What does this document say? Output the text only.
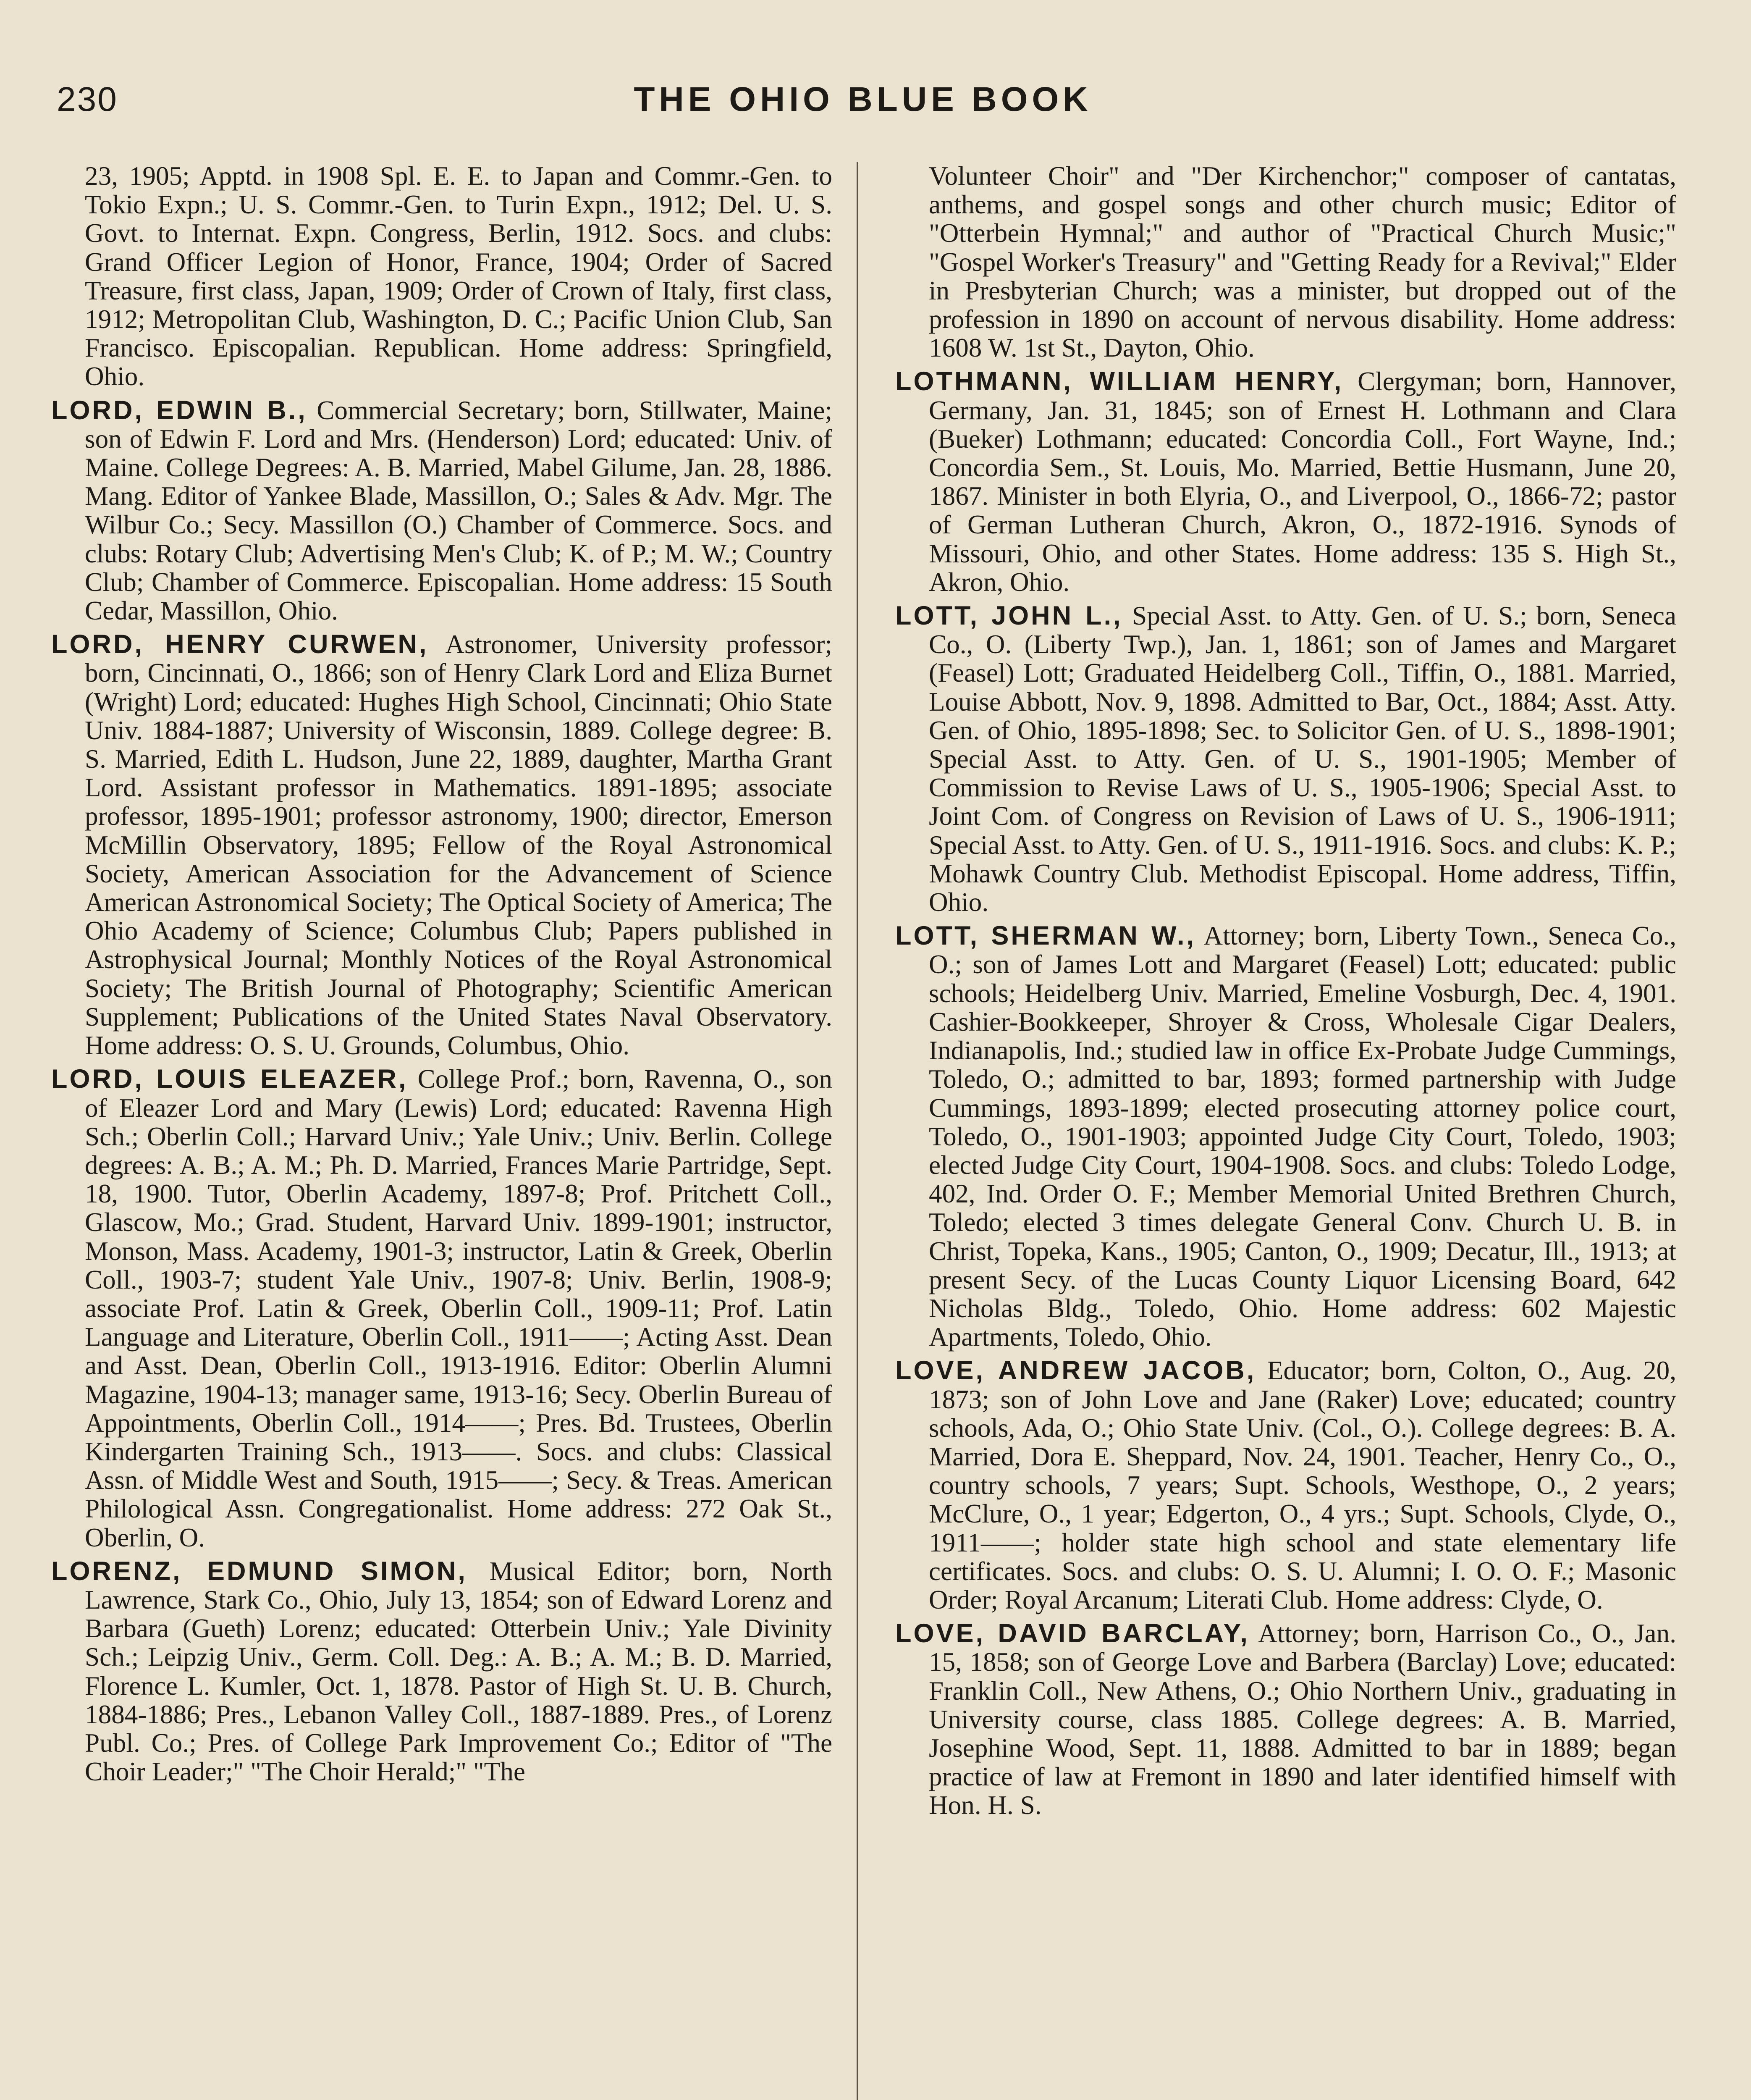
230	THE OHIO BLUE BOOK

23, 1905; Apptd. in 1908 Spl. E. E. to Japan and Commr.-Gen. to Tokio Expn.; U. S. Commr.-Gen. to Turin Expn., 1912; Del. U. S. Govt. to Internat. Expn. Congress, Berlin, 1912. Socs. and clubs: Grand Officer Legion of Honor, France, 1904; Order of Sacred Treasure, first class, Japan, 1909; Order of Crown of Italy, first class, 1912; Metropolitan Club, Washington, D. C.; Pacific Union Club, San Francisco. Episcopalian. Republican. Home address: Springfield, Ohio.

LORD, EDWIN B., Commercial Secretary; born, Stillwater, Maine; son of Edwin F. Lord and Mrs. (Henderson) Lord; educated: Univ. of Maine. College Degrees: A. B. Married, Mabel Gilume, Jan. 28, 1886. Mang. Editor of Yankee Blade, Massillon, O.; Sales & Adv. Mgr. The Wilbur Co.; Secy. Massillon (O.) Chamber of Commerce. Socs. and clubs: Rotary Club; Advertising Men's Club; K. of P.; M. W.; Country Club; Chamber of Commerce. Episcopalian. Home address: 15 South Cedar, Massillon, Ohio.

LORD, HENRY CURWEN, Astronomer, University professor; born, Cincinnati, O., 1866; son of Henry Clark Lord and Eliza Burnet (Wright) Lord; educated: Hughes High School, Cincinnati; Ohio State Univ. 1884-1887; University of Wisconsin, 1889. College degree: B. S. Married, Edith L. Hudson, June 22, 1889, daughter, Martha Grant Lord. Assistant professor in Mathematics. 1891-1895; associate professor, 1895-1901; professor astronomy, 1900; director, Emerson McMillin Observatory, 1895; Fellow of the Royal Astronomical Society, American Association for the Advancement of Science American Astronomical Society; The Optical Society of America; The Ohio Academy of Science; Columbus Club; Papers published in Astrophysical Journal; Monthly Notices of the Royal Astronomical Society; The British Journal of Photography; Scientific American Supplement; Publications of the United States Naval Observatory. Home address: O. S. U. Grounds, Columbus, Ohio.

LORD, LOUIS ELEAZER, College Prof.; born, Ravenna, O., son of Eleazer Lord and Mary (Lewis) Lord; educated: Ravenna High Sch.; Oberlin Coll.; Harvard Univ.; Yale Univ.; Univ. Berlin. College degrees: A. B.; A. M.; Ph. D. Married, Frances Marie Partridge, Sept. 18, 1900. Tutor, Oberlin Academy, 1897-8; Prof. Pritchett Coll., Glascow, Mo.; Grad. Student, Harvard Univ. 1899-1901; instructor, Monson, Mass. Academy, 1901-3; instructor, Latin & Greek, Oberlin Coll., 1903-7; student Yale Univ., 1907-8; Univ. Berlin, 1908-9; associate Prof. Latin & Greek, Oberlin Coll., 1909-11; Prof. Latin Language and Literature, Oberlin Coll., 1911——; Acting Asst. Dean and Asst. Dean, Oberlin Coll., 1913-1916. Editor: Oberlin Alumni Magazine, 1904-13; manager same, 1913-16; Secy. Oberlin Bureau of Appointments, Oberlin Coll., 1914——; Pres. Bd. Trustees, Oberlin Kindergarten Training Sch., 1913——. Socs. and clubs: Classical Assn. of Middle West and South, 1915——; Secy. & Treas. American Philological Assn. Congregationalist. Home address: 272 Oak St., Oberlin, O.

LORENZ, EDMUND SIMON, Musical Editor; born, North Lawrence, Stark Co., Ohio, July 13, 1854; son of Edward Lorenz and Barbara (Gueth) Lorenz; educated: Otterbein Univ.; Yale Divinity Sch.; Leipzig Univ., Germ. Coll. Deg.: A. B.; A. M.; B. D. Married, Florence L. Kumler, Oct. 1, 1878. Pastor of High St. U. B. Church, 1884-1886; Pres., Lebanon Valley Coll., 1887-1889. Pres., of Lorenz Publ. Co.; Pres. of College Park Improvement Co.; Editor of "The Choir Leader;" "The Choir Herald;" "The

Volunteer Choir" and "Der Kirchenchor;" composer of cantatas, anthems, and gospel songs and other church music; Editor of "Otterbein Hymnal;" and author of "Practical Church Music;" "Gospel Worker's Treasury" and "Getting Ready for a Revival;" Elder in Presbyterian Church; was a minister, but dropped out of the profession in 1890 on account of nervous disability. Home address: 1608 W. 1st St., Dayton, Ohio.

LOTHMANN, WILLIAM HENRY, Clergyman; born, Hannover, Germany, Jan. 31, 1845; son of Ernest H. Lothmann and Clara (Bueker) Lothmann; educated: Concordia Coll., Fort Wayne, Ind.; Concordia Sem., St. Louis, Mo. Married, Bettie Husmann, June 20, 1867. Minister in both Elyria, O., and Liverpool, O., 1866-72; pastor of German Lutheran Church, Akron, O., 1872-1916. Synods of Missouri, Ohio, and other States. Home address: 135 S. High St., Akron, Ohio.

LOTT, JOHN L., Special Asst. to Atty. Gen. of U. S.; born, Seneca Co., O. (Liberty Twp.), Jan. 1, 1861; son of James and Margaret (Feasel) Lott; Graduated Heidelberg Coll., Tiffin, O., 1881. Married, Louise Abbott, Nov. 9, 1898. Admitted to Bar, Oct., 1884; Asst. Atty. Gen. of Ohio, 1895-1898; Sec. to Solicitor Gen. of U. S., 1898-1901; Special Asst. to Atty. Gen. of U. S., 1901-1905; Member of Commission to Revise Laws of U. S., 1905-1906; Special Asst. to Joint Com. of Congress on Revision of Laws of U. S., 1906-1911; Special Asst. to Atty. Gen. of U. S., 1911-1916. Socs. and clubs: K. P.; Mohawk Country Club. Methodist Episcopal. Home address, Tiffin, Ohio.

LOTT, SHERMAN W., Attorney; born, Liberty Town., Seneca Co., O.; son of James Lott and Margaret (Feasel) Lott; educated: public schools; Heidelberg Univ. Married, Emeline Vosburgh, Dec. 4, 1901. Cashier-Bookkeeper, Shroyer & Cross, Wholesale Cigar Dealers, Indianapolis, Ind.; studied law in office Ex-Probate Judge Cummings, Toledo, O.; admitted to bar, 1893; formed partnership with Judge Cummings, 1893-1899; elected prosecuting attorney police court, Toledo, O., 1901-1903; appointed Judge City Court, Toledo, 1903; elected Judge City Court, 1904-1908. Socs. and clubs: Toledo Lodge, 402, Ind. Order O. F.; Member Memorial United Brethren Church, Toledo; elected 3 times delegate General Conv. Church U. B. in Christ, Topeka, Kans., 1905; Canton, O., 1909; Decatur, Ill., 1913; at present Secy. of the Lucas County Liquor Licensing Board, 642 Nicholas Bldg., Toledo, Ohio. Home address: 602 Majestic Apartments, Toledo, Ohio.

LOVE, ANDREW JACOB, Educator; born, Colton, O., Aug. 20, 1873; son of John Love and Jane (Raker) Love; educated; country schools, Ada, O.; Ohio State Univ. (Col., O.). College degrees: B. A. Married, Dora E. Sheppard, Nov. 24, 1901. Teacher, Henry Co., O., country schools, 7 years; Supt. Schools, Westhope, O., 2 years; McClure, O., 1 year; Edgerton, O., 4 yrs.; Supt. Schools, Clyde, O., 1911——; holder state high school and state elementary life certificates. Socs. and clubs: O. S. U. Alumni; I. O. O. F.; Masonic Order; Royal Arcanum; Literati Club. Home address: Clyde, O.

LOVE, DAVID BARCLAY, Attorney; born, Harrison Co., O., Jan. 15, 1858; son of George Love and Barbera (Barclay) Love; educated: Franklin Coll., New Athens, O.; Ohio Northern Univ., graduating in University course, class 1885. College degrees: A. B. Married, Josephine Wood, Sept. 11, 1888. Admitted to bar in 1889; began practice of law at Fremont in 1890 and later identified himself with Hon. H. S.
